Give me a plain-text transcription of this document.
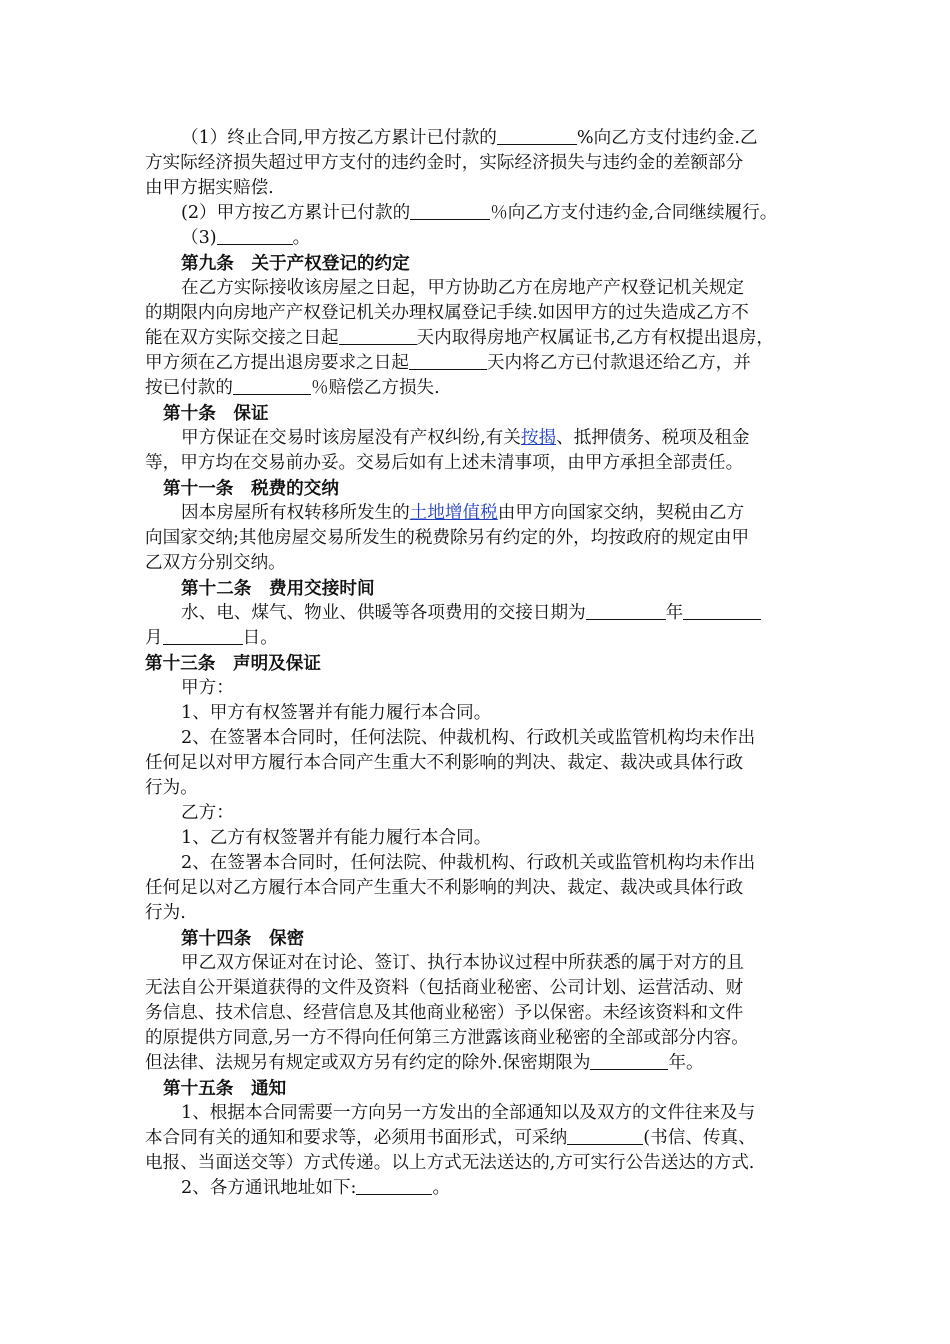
（1）终止合同,甲方按乙方累计已付款的	%向乙方支付违约金.乙
方实际经济损失超过甲方支付的违约金时，实际经济损失与违约金的差额部分
由甲方据实赔偿.
(2）甲方按乙方累计已付款的	％向乙方支付违约金,合同继续履行。
（3)	。
第九条　关于产权登记的约定
在乙方实际接收该房屋之日起，甲方协助乙方在房地产产权登记机关规定
的期限内向房地产产权登记机关办理权属登记手续.如因甲方的过失造成乙方不
能在双方实际交接之日起	天内取得房地产权属证书,乙方有权提出退房，
甲方须在乙方提出退房要求之日起	天内将乙方已付款退还给乙方，并
按已付款的	％赔偿乙方损失.
第十条　保证
甲方保证在交易时该房屋没有产权纠纷,有关按揭、抵押债务、税项及租金
等，甲方均在交易前办妥。交易后如有上述未清事项，由甲方承担全部责任。
第十一条　税费的交纳
因本房屋所有权转移所发生的土地增值税由甲方向国家交纳，契税由乙方
向国家交纳;其他房屋交易所发生的税费除另有约定的外，均按政府的规定由甲
乙双方分别交纳。
第十二条　费用交接时间
水、电、煤气、物业、供暖等各项费用的交接日期为	年
月	日。
第十三条　声明及保证
甲方：
1、甲方有权签署并有能力履行本合同。
2、在签署本合同时，任何法院、仲裁机构、行政机关或监管机构均未作出
任何足以对甲方履行本合同产生重大不利影响的判决、裁定、裁决或具体行政
行为。
乙方：
1、乙方有权签署并有能力履行本合同。
2、在签署本合同时，任何法院、仲裁机构、行政机关或监管机构均未作出
任何足以对乙方履行本合同产生重大不利影响的判决、裁定、裁决或具体行政
行为.
第十四条　保密
甲乙双方保证对在讨论、签订、执行本协议过程中所获悉的属于对方的且
无法自公开渠道获得的文件及资料（包括商业秘密、公司计划、运营活动、财
务信息、技术信息、经营信息及其他商业秘密）予以保密。未经该资料和文件
的原提供方同意,另一方不得向任何第三方泄露该商业秘密的全部或部分内容。
但法律、法规另有规定或双方另有约定的除外.保密期限为	年。
第十五条　通知
1、根据本合同需要一方向另一方发出的全部通知以及双方的文件往来及与
本合同有关的通知和要求等，必须用书面形式，可采纳	(书信、传真、
电报、当面送交等）方式传递。以上方式无法送达的,方可实行公告送达的方式.
2、各方通讯地址如下:	。
